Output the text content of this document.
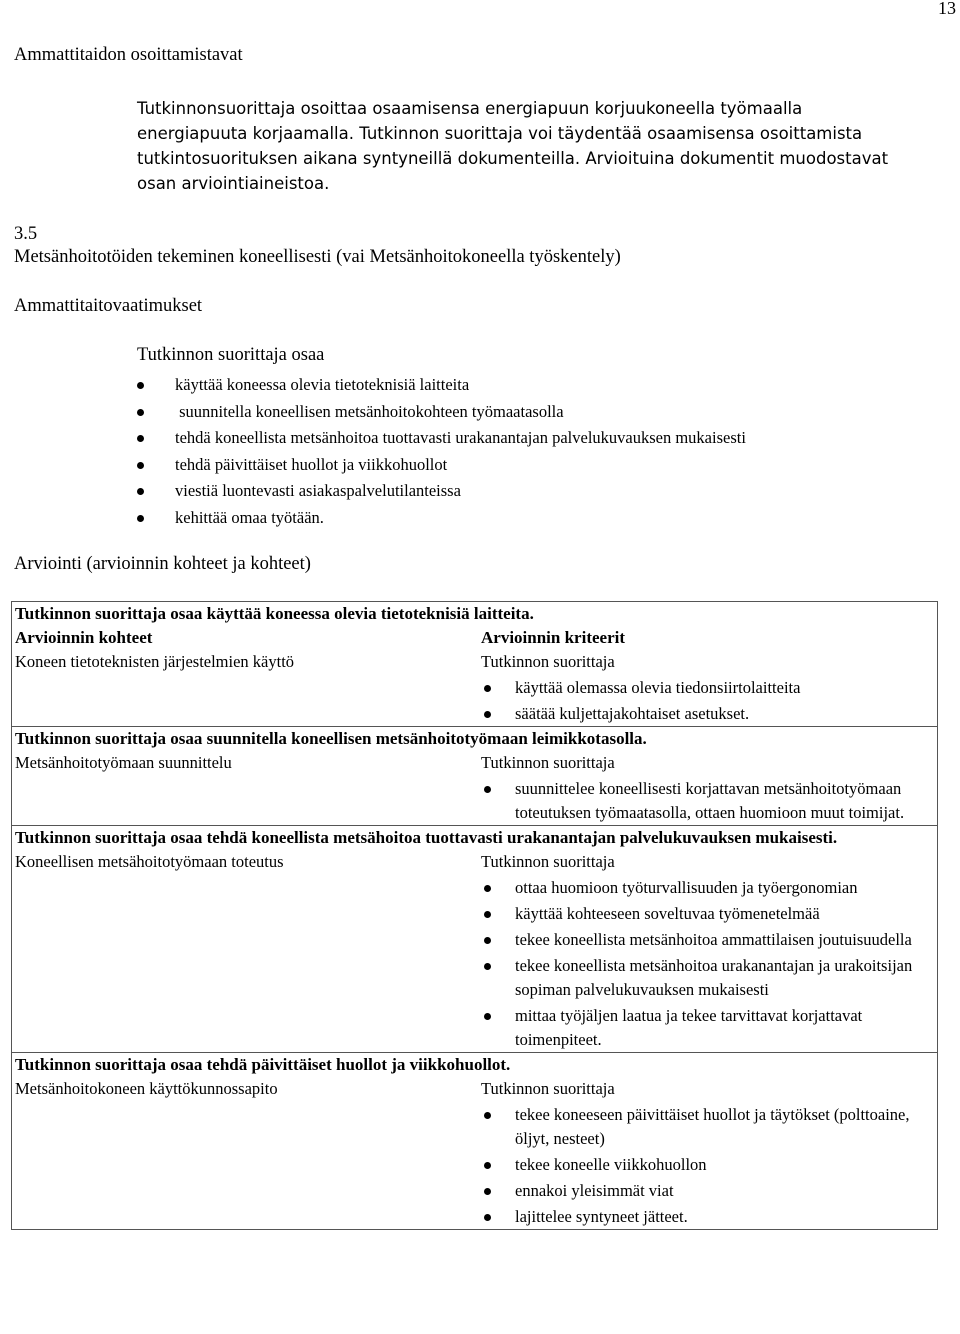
13
Ammattitaidon osoittamistavat
Tutkinnonsuorittaja osoittaa osaamisensa energiapuun korjuukoneella työmaalla
energiapuuta korjaamalla. Tutkinnon suorittaja voi täydentää osaamisensa osoittamista
tutkintosuorituksen aikana syntyneillä dokumenteilla. Arvioituina dokumentit muodostavat
osan arviointiaineistoa.
3.5
Metsänhoitotöiden tekeminen koneellisesti (vai Metsänhoitokoneella työskentely)
Ammattitaitovaatimukset
Tutkinnon suorittaja osaa
käyttää koneessa olevia tietoteknisiä laitteita
suunnitella koneellisen metsänhoitokohteen työmaatasolla
tehdä koneellista metsänhoitoa tuottavasti urakanantajan palvelukuvauksen mukaisesti
tehdä päivittäiset huollot ja viikkohuollot
viestiä luontevasti asiakaspalvelutilanteissa
kehittää omaa työtään.
Arviointi (arvioinnin kohteet ja kohteet)
Tutkinnon suorittaja osaa käyttää koneessa olevia tietoteknisiä laitteita.
Arvioinnin kohteet	Arvioinnin kriteerit
Koneen tietoteknisten järjestelmien käyttö	Tutkinnon suorittaja
käyttää olemassa olevia tiedonsiirtolaitteita
säätää kuljettajakohtaiset asetukset.
Tutkinnon suorittaja osaa suunnitella koneellisen metsänhoitotyömaan leimikkotasolla.
Metsänhoitotyömaan suunnittelu	Tutkinnon suorittaja
suunnittelee koneellisesti korjattavan metsänhoitotyömaan toteutuksen työmaatasolla, ottaen huomioon muut toimijat.
Tutkinnon suorittaja osaa tehdä koneellista metsähoitoa tuottavasti urakanantajan palvelukuvauksen mukaisesti.
Koneellisen metsähoitotyömaan toteutus	Tutkinnon suorittaja
ottaa huomioon työturvallisuuden ja työergonomian
käyttää kohteeseen soveltuvaa työmenetelmää
tekee koneellista metsänhoitoa ammattilaisen joutuisuudella
tekee koneellista metsänhoitoa urakanantajan ja urakoitsijan sopiman palvelukuvauksen mukaisesti
mittaa työjäljen laatua ja tekee tarvittavat korjattavat toimenpiteet.
Tutkinnon suorittaja osaa tehdä päivittäiset huollot ja viikkohuollot.
Metsänhoitokoneen käyttökunnossapito	Tutkinnon suorittaja
tekee koneeseen päivittäiset huollot ja täytökset (polttoaine, öljyt, nesteet)
tekee koneelle viikkohuollon
ennakoi yleisimmät viat
lajittelee syntyneet jätteet.
